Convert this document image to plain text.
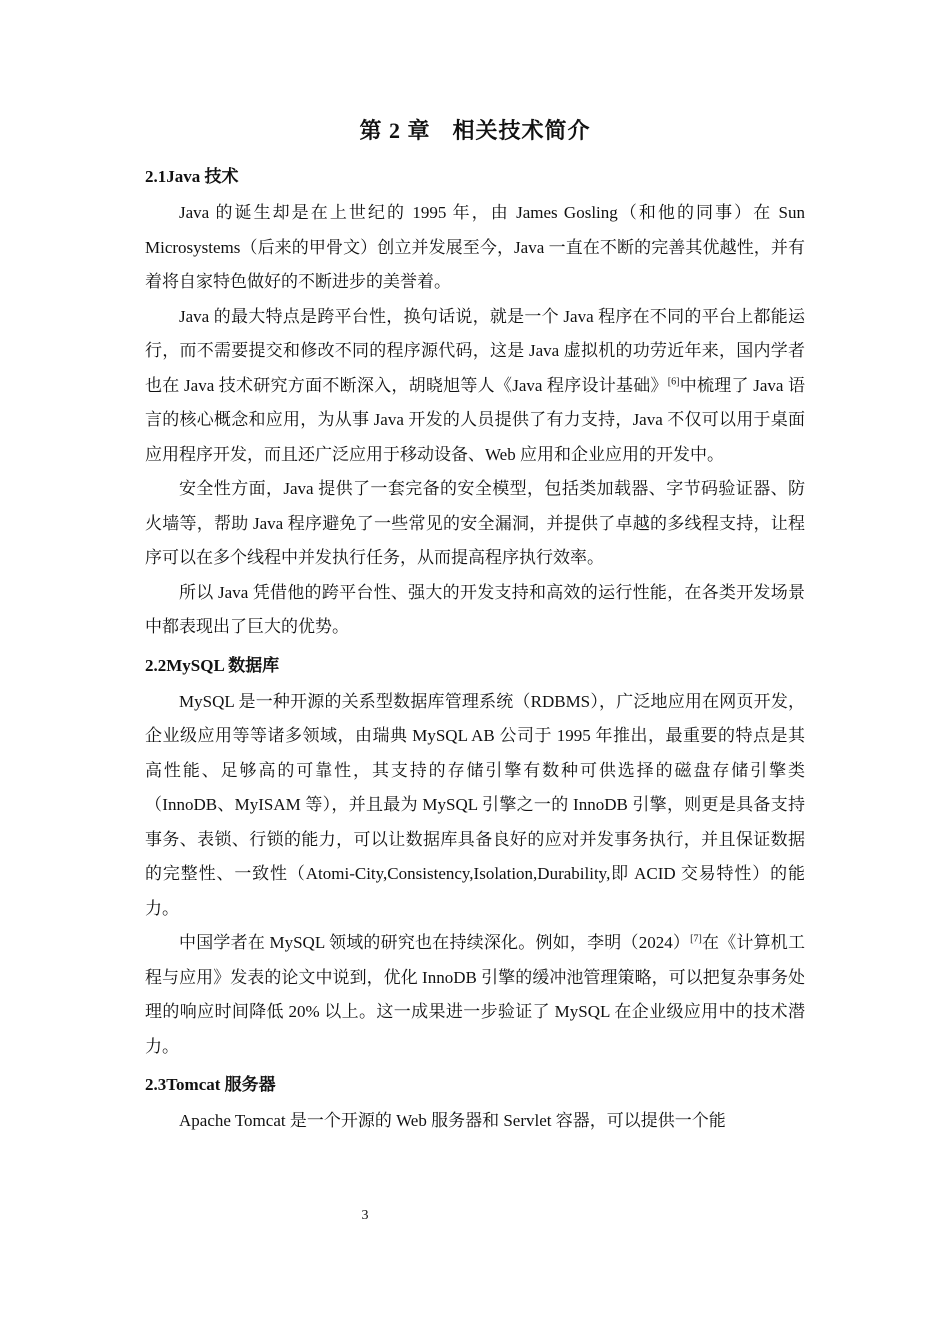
第 2 章 相关技术简介
2.1Java 技术

Java 的诞生却是在上世纪的 1995 年，由 James Gosling（和他的同事）在 Sun Microsystems（后来的甲骨文）创立并发展至今，Java 一直在不断的完善其优越性，并有着将自家特色做好的不断进步的美誉着。

Java 的最大特点是跨平台性，换句话说，就是一个 Java 程序在不同的平台上都能运行，而不需要提交和修改不同的程序源代码，这是 Java 虚拟机的功劳近年来，国内学者也在 Java 技术研究方面不断深入，胡晓旭等人《Java 程序设计基础》[6]中梳理了 Java 语言的核心概念和应用，为从事 Java 开发的人员提供了有力支持，Java 不仅可以用于桌面应用程序开发，而且还广泛应用于移动设备、Web 应用和企业应用的开发中。

安全性方面，Java 提供了一套完备的安全模型，包括类加载器、字节码验证器、防火墙等，帮助 Java 程序避免了一些常见的安全漏洞，并提供了卓越的多线程支持，让程序可以在多个线程中并发执行任务，从而提高程序执行效率。

所以 Java 凭借他的跨平台性、强大的开发支持和高效的运行性能，在各类开发场景中都表现出了巨大的优势。

2.2MySQL 数据库

MySQL 是一种开源的关系型数据库管理系统（RDBMS），广泛地应用在网页开发，企业级应用等等诸多领域，由瑞典 MySQL AB 公司于 1995 年推出，最重要的特点是其高性能、足够高的可靠性，其支持的存储引擎有数种可供选择的磁盘存储引擎类（InnoDB、MyISAM 等），并且最为 MySQL 引擎之一的 InnoDB 引擎，则更是具备支持事务、表锁、行锁的能力，可以让数据库具备良好的应对并发事务执行，并且保证数据的完整性、一致性（Atomi-City,Consistency,Isolation,Durability,即 ACID 交易特性）的能力。

中国学者在 MySQL 领域的研究也在持续深化。例如，李明（2024）[7]在《计算机工程与应用》发表的论文中说到，优化 InnoDB 引擎的缓冲池管理策略，可以把复杂事务处理的响应时间降低 20% 以上。这一成果进一步验证了 MySQL 在企业级应用中的技术潜力。

2.3Tomcat 服务器

Apache Tomcat 是一个开源的 Web 服务器和 Servlet 容器，可以提供一个能

3
